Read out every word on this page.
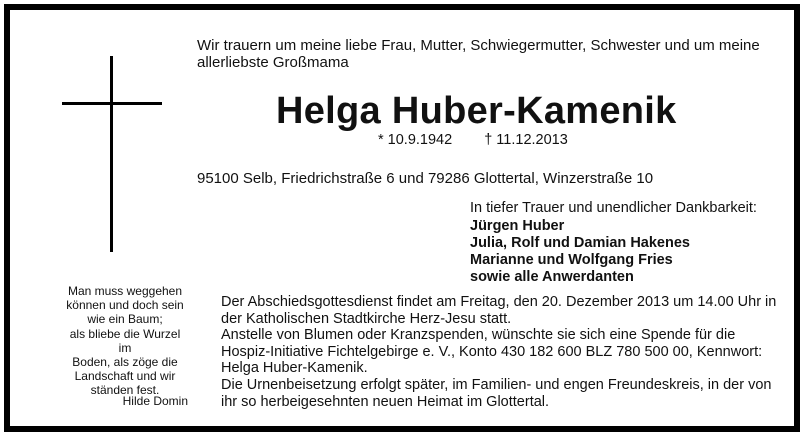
Wir trauern um meine liebe Frau, Mutter, Schwiegermutter, Schwester und um meine allerliebste Großmama
Helga Huber-Kamenik
* 10.9.1942 † 11.12.2013
95100 Selb, Friedrichstraße 6 und 79286 Glottertal, Winzerstraße 10
In tiefer Trauer und unendlicher Dankbarkeit:
Jürgen Huber
Julia, Rolf und Damian Hakenes
Marianne und Wolfgang Fries
sowie alle Anwerdanten
Man muss weggehen
können und doch sein
wie ein Baum;
als bliebe die Wurzel im
Boden, als zöge die
Landschaft und wir
ständen fest.
Hilde Domin

Der Abschiedsgottesdienst findet am Freitag, den 20. Dezember 2013 um 14.00 Uhr in der Katholischen Stadtkirche Herz-Jesu statt.

Anstelle von Blumen oder Kranzspenden, wünschte sie sich eine Spende für die Hospiz-Initiative Fichtelgebirge e. V., Konto 430 182 600 BLZ 780 500 00, Kennwort: Helga Huber-Kamenik.

Die Urnenbeisetzung erfolgt später, im Familien- und engen Freundeskreis, in der von ihr so herbeigesehnten neuen Heimat im Glottertal.
